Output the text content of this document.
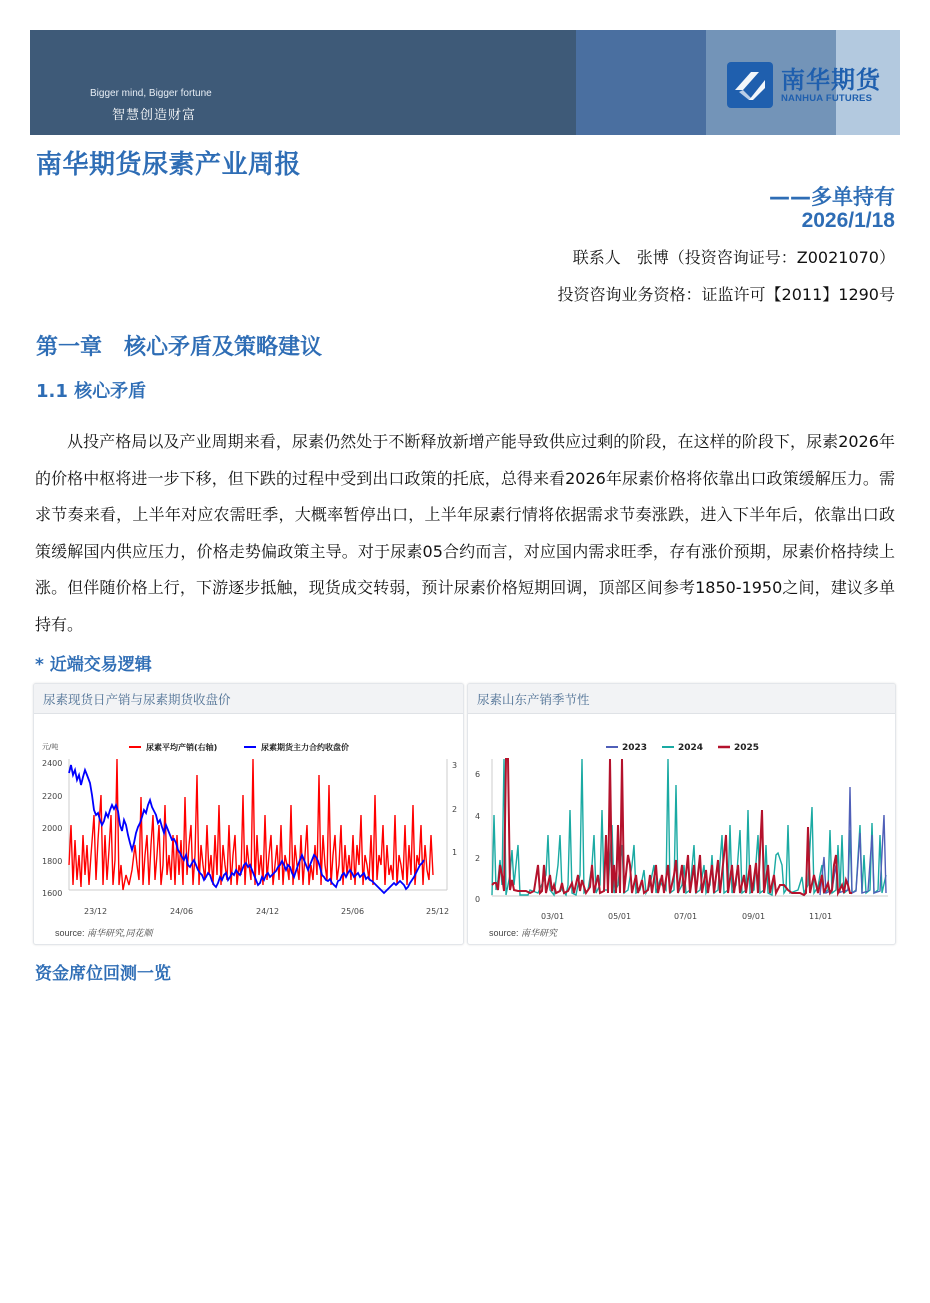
Bigger mind, Bigger fortune
智慧创造财富
南华期货
NANHUA FUTURES
南华期货尿素产业周报
——多单持有
2026/1/18
联系人　张博（投资咨询证号：Z0021070）
投资咨询业务资格：证监许可【2011】1290号
第一章　核心矛盾及策略建议
1.1 核心矛盾

从投产格局以及产业周期来看，尿素仍然处于不断释放新增产能导致供应过剩的阶段，在这样的阶段下，尿素2026年的价格中枢将进一步下移，但下跌的过程中受到出口政策的托底，总得来看2026年尿素价格将依靠出口政策缓解压力。需求节奏来看，上半年对应农需旺季，大概率暂停出口，上半年尿素行情将依据需求节奏涨跌，进入下半年后，依靠出口政策缓解国内供应压力，价格走势偏政策主导。对于尿素05合约而言，对应国内需求旺季，存有涨价预期，尿素价格持续上涨。但伴随价格上行，下游逐步抵触，现货成交转弱，预计尿素价格短期回调，顶部区间参考1850-1950之间，建议多单持有。

* 近端交易逻辑
尿素现货日产销与尿素期货收盘价
元/吨	尿素平均产销(右轴)	尿素期货主力合约收盘价
2400
2200
2000
1800
1600
3
2
1
23/12	24/06	24/12	25/06	25/12
source: 南华研究,同花顺
尿素山东产销季节性
2023	2024	2025
6
4
2
0
03/01	05/01	07/01	09/01	11/01
source: 南华研究
资金席位回测一览
